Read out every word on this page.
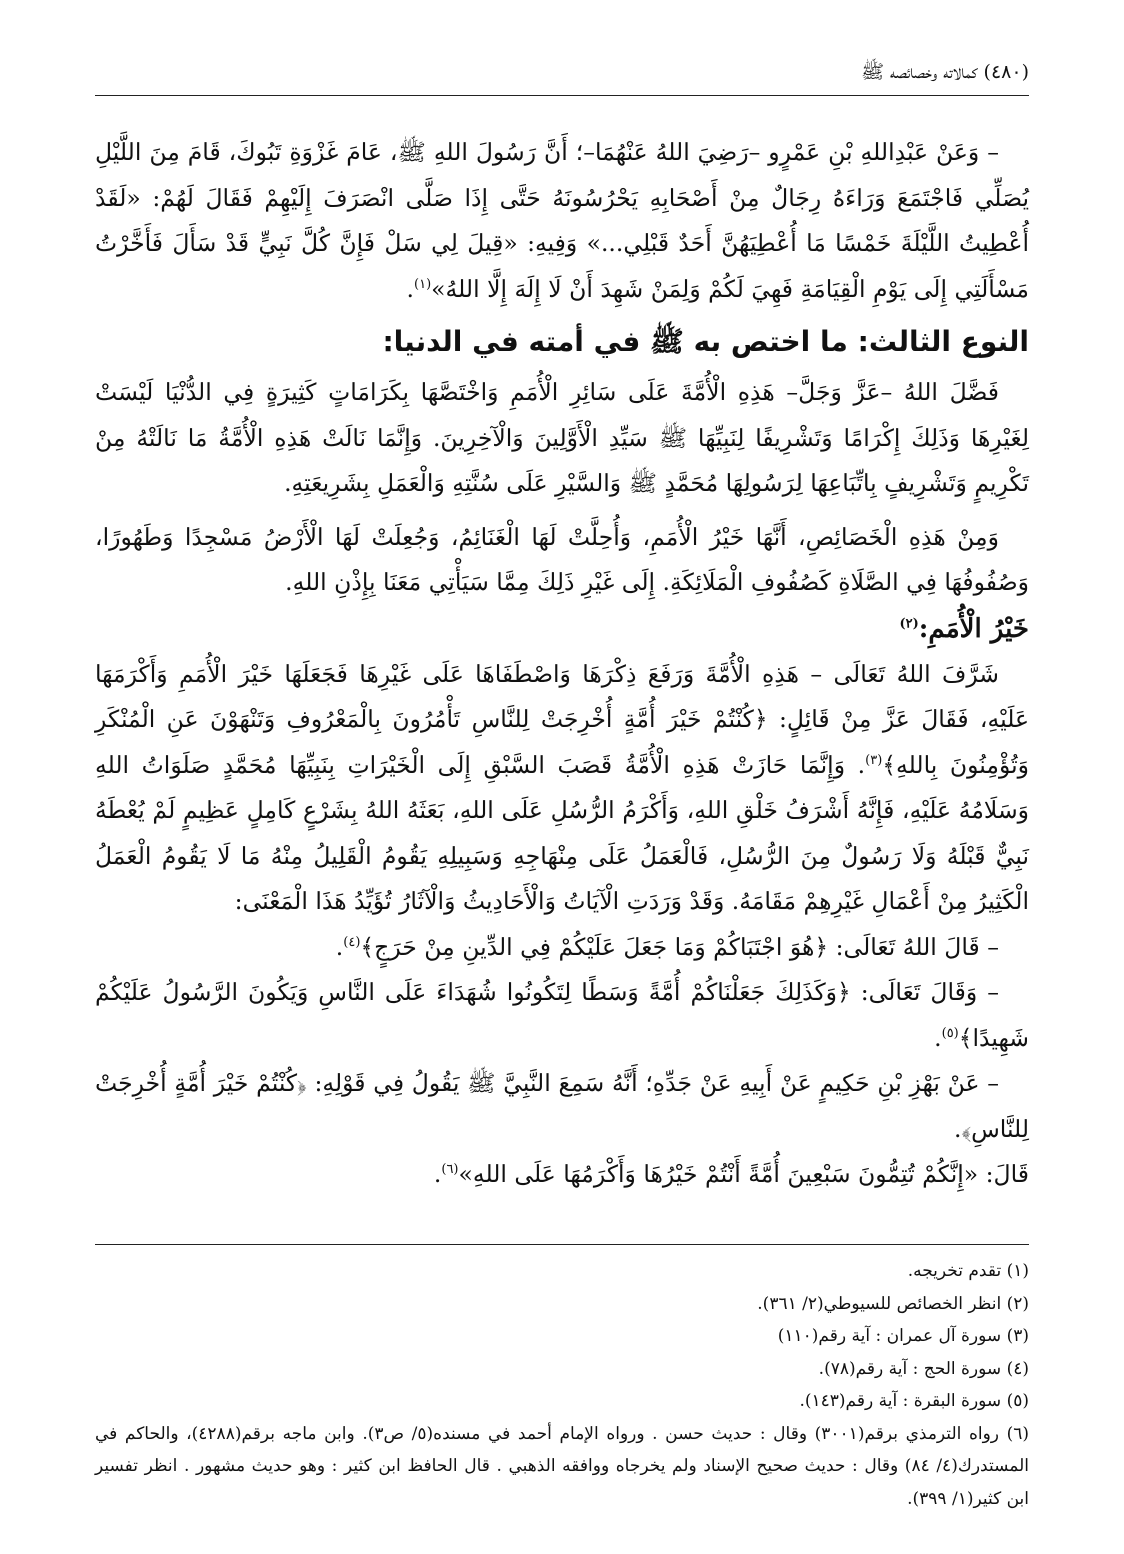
(٤٨٠) كمالاته وخصائصه ﷺ

– وَعَنْ عَبْدِاللهِ بْنِ عَمْرٍو –رَضِيَ اللهُ عَنْهُمَا–؛ أَنَّ رَسُولَ اللهِ ﷺ، عَامَ غَزْوَةِ تَبُوكَ، قَامَ مِنَ اللَّيْلِ يُصَلِّي فَاجْتَمَعَ وَرَاءَهُ رِجَالٌ مِنْ أَصْحَابِهِ يَحْرُسُونَهُ حَتَّى إِذَا صَلَّى انْصَرَفَ إِلَيْهِمْ فَقَالَ لَهُمْ: «لَقَدْ أُعْطِيتُ اللَّيْلَةَ خَمْسًا مَا أُعْطِيَهُنَّ أَحَدٌ قَبْلِي...» وَفِيهِ: «قِيلَ لِي سَلْ فَإِنَّ كُلَّ نَبِيٍّ قَدْ سَأَلَ فَأَخَّرْتُ مَسْأَلَتِي إِلَى يَوْمِ الْقِيَامَةِ فَهِيَ لَكُمْ وَلِمَنْ شَهِدَ أَنْ لَا إِلَهَ إِلَّا اللهُ»$^{(١)}$.

النوع الثالث: ما اختص به ﷺ في أمته في الدنيا:

فَضَّلَ اللهُ –عَزَّ وَجَلَّ– هَذِهِ الْأُمَّةَ عَلَى سَائِرِ الْأُمَمِ وَاخْتَصَّهَا بِكَرَامَاتٍ كَثِيرَةٍ فِي الدُّنْيَا لَيْسَتْ لِغَيْرِهَا وَذَلِكَ إِكْرَامًا وَتَشْرِيفًا لِنَبِيِّهَا ﷺ سَيِّدِ الْأَوَّلِينَ وَالْآخِرِينَ. وَإِنَّمَا نَالَتْ هَذِهِ الْأُمَّةُ مَا نَالَتْهُ مِنْ تَكْرِيمٍ وَتَشْرِيفٍ بِاتِّبَاعِهَا لِرَسُولِهَا مُحَمَّدٍ ﷺ وَالسَّيْرِ عَلَى سُنَّتِهِ وَالْعَمَلِ بِشَرِيعَتِهِ.

وَمِنْ هَذِهِ الْخَصَائِصِ، أَنَّهَا خَيْرُ الْأُمَمِ، وَأُحِلَّتْ لَهَا الْغَنَائِمُ، وَجُعِلَتْ لَهَا الْأَرْضُ مَسْجِدًا وَطَهُورًا، وَصُفُوفُهَا فِي الصَّلَاةِ كَصُفُوفِ الْمَلَائِكَةِ. إِلَى غَيْرِ ذَلِكَ مِمَّا سَيَأْتِي مَعَنَا بِإِذْنِ اللهِ.

خَيْرُ الْأُمَمِ:$^{(٢)}$

شَرَّفَ اللهُ تَعَالَى – هَذِهِ الْأُمَّةَ وَرَفَعَ ذِكْرَهَا وَاصْطَفَاهَا عَلَى غَيْرِهَا فَجَعَلَهَا خَيْرَ الْأُمَمِ وَأَكْرَمَهَا عَلَيْهِ، فَقَالَ عَزَّ مِنْ قَائِلٍ: ﴿كُنْتُمْ خَيْرَ أُمَّةٍ أُخْرِجَتْ لِلنَّاسِ تَأْمُرُونَ بِالْمَعْرُوفِ وَتَنْهَوْنَ عَنِ الْمُنْكَرِ وَتُؤْمِنُونَ بِاللهِ﴾$^{(٣)}$. وَإِنَّمَا حَازَتْ هَذِهِ الْأُمَّةُ قَصَبَ السَّبْقِ إِلَى الْخَيْرَاتِ بِنَبِيِّهَا مُحَمَّدٍ صَلَوَاتُ اللهِ وَسَلَامُهُ عَلَيْهِ، فَإِنَّهُ أَشْرَفُ خَلْقِ اللهِ، وَأَكْرَمُ الرُّسُلِ عَلَى اللهِ، بَعَثَهُ اللهُ بِشَرْعٍ كَامِلٍ عَظِيمٍ لَمْ يُعْطَهُ نَبِيٌّ قَبْلَهُ وَلَا رَسُولٌ مِنَ الرُّسُلِ، فَالْعَمَلُ عَلَى مِنْهَاجِهِ وَسَبِيلِهِ يَقُومُ الْقَلِيلُ مِنْهُ مَا لَا يَقُومُ الْعَمَلُ الْكَثِيرُ مِنْ أَعْمَالِ غَيْرِهِمْ مَقَامَهُ. وَقَدْ وَرَدَتِ الْآيَاتُ وَالْأَحَادِيثُ وَالْآثَارُ تُؤَيِّدُ هَذَا الْمَعْنَى:

– قَالَ اللهُ تَعَالَى: ﴿هُوَ اجْتَبَاكُمْ وَمَا جَعَلَ عَلَيْكُمْ فِي الدِّينِ مِنْ حَرَجٍ﴾$^{(٤)}$.

– وَقَالَ تَعَالَى: ﴿وَكَذَلِكَ جَعَلْنَاكُمْ أُمَّةً وَسَطًا لِتَكُونُوا شُهَدَاءَ عَلَى النَّاسِ وَيَكُونَ الرَّسُولُ عَلَيْكُمْ شَهِيدًا﴾$^{(٥)}$.

– عَنْ بَهْزِ بْنِ حَكِيمٍ عَنْ أَبِيهِ عَنْ جَدِّهِ؛ أَنَّهُ سَمِعَ النَّبِيَّ ﷺ يَقُولُ فِي قَوْلِهِ: ﴿كُنْتُمْ خَيْرَ أُمَّةٍ أُخْرِجَتْ لِلنَّاسِ﴾.

قَالَ: «إِنَّكُمْ تُتِمُّونَ سَبْعِينَ أُمَّةً أَنْتُمْ خَيْرُهَا وَأَكْرَمُهَا عَلَى اللهِ»$^{(٦)}$.

(١) تقدم تخريجه.

(٢) انظر الخصائص للسيوطي(٢/ ٣٦١).

(٣) سورة آل عمران : آية رقم(١١٠)

(٤) سورة الحج : آية رقم(٧٨).

(٥) سورة البقرة : آية رقم(١٤٣).

(٦) رواه الترمذي برقم(٣٠٠١) وقال : حديث حسن . ورواه الإمام أحمد في مسنده(٥/ ص٣). وابن ماجه برقم(٤٢٨٨)، والحاكم في المستدرك(٤/ ٨٤) وقال : حديث صحيح الإسناد ولم يخرجاه ووافقه الذهبي . قال الحافظ ابن كثير : وهو حديث مشهور . انظر تفسير ابن كثير(١/ ٣٩٩).
